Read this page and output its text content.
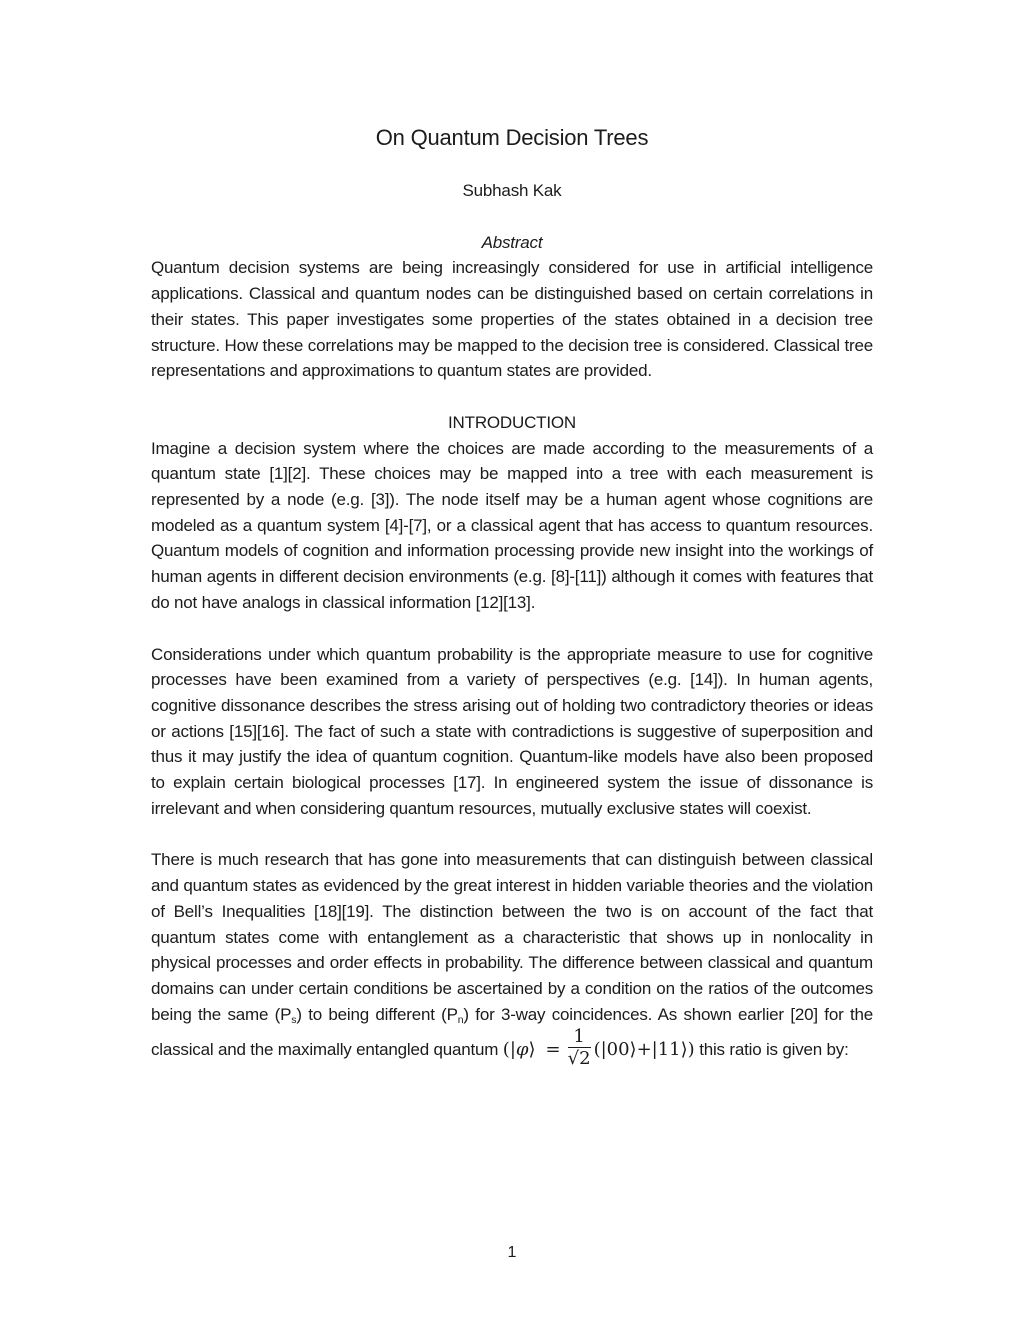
On Quantum Decision Trees
Subhash Kak
Abstract

Quantum decision systems are being increasingly considered for use in artificial intelligence applications. Classical and quantum nodes can be distinguished based on certain correlations in their states. This paper investigates some properties of the states obtained in a decision tree structure. How these correlations may be mapped to the decision tree is considered. Classical tree representations and approximations to quantum states are provided.

INTRODUCTION

Imagine a decision system where the choices are made according to the measurements of a quantum state [1][2]. These choices may be mapped into a tree with each measurement is represented by a node (e.g. [3]). The node itself may be a human agent whose cognitions are modeled as a quantum system [4]-[7], or a classical agent that has access to quantum resources. Quantum models of cognition and information processing provide new insight into the workings of human agents in different decision environments (e.g. [8]-[11]) although it comes with features that do not have analogs in classical information [12][13].

Considerations under which quantum probability is the appropriate measure to use for cognitive processes have been examined from a variety of perspectives (e.g. [14]). In human agents, cognitive dissonance describes the stress arising out of holding two contradictory theories or ideas or actions [15][16]. The fact of such a state with contradictions is suggestive of superposition and thus it may justify the idea of quantum cognition. Quantum-like models have also been proposed to explain certain biological processes [17]. In engineered system the issue of dissonance is irrelevant and when considering quantum resources, mutually exclusive states will coexist.

There is much research that has gone into measurements that can distinguish between classical and quantum states as evidenced by the great interest in hidden variable theories and the violation of Bell’s Inequalities [18][19]. The distinction between the two is on account of the fact that quantum states come with entanglement as a characteristic that shows up in nonlocality in physical processes and order effects in probability. The difference between classical and quantum domains can under certain conditions be ascertained by a condition on the ratios of the outcomes being the same $(P_s)$ to being different $(P_n)$ for 3-way coincidences. As shown earlier [20] for the classical and the maximally entangled quantum (|φ⟩ = $\frac{1}{√2}$ (|00⟩+|11⟩) this ratio is given by:

1
